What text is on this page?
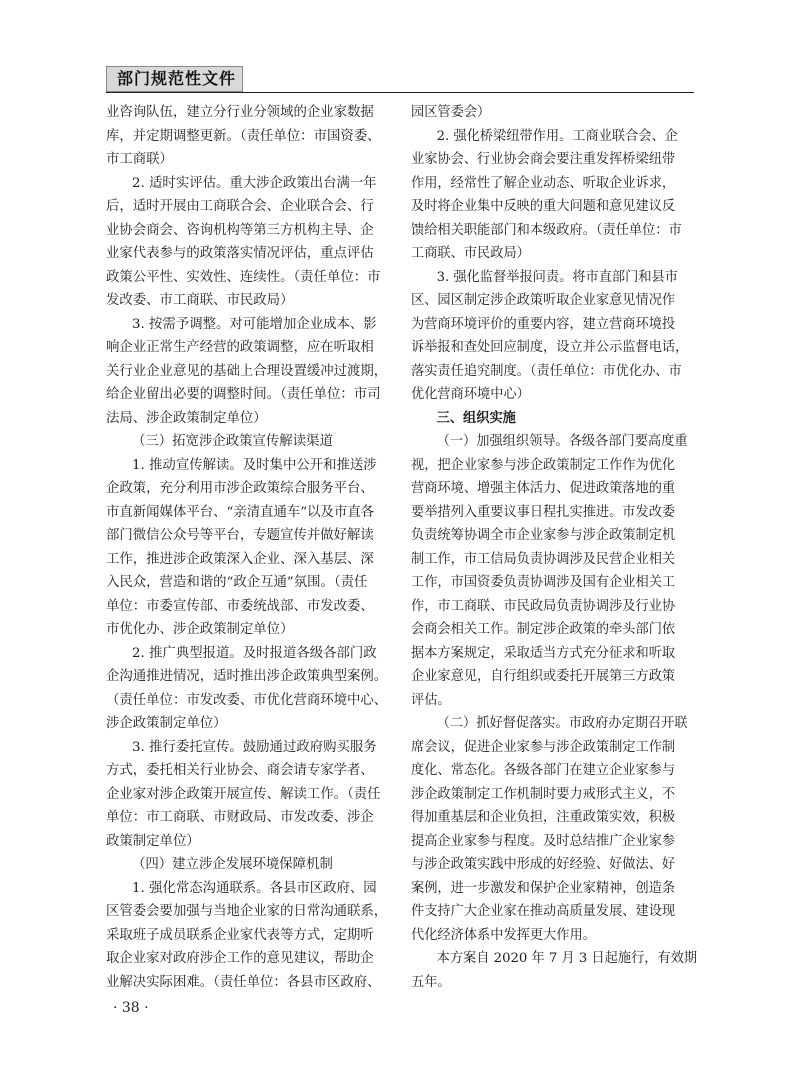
部门规范性文件
业咨询队伍，建立分行业分领域的企业家数据
库，并定期调整更新。（责任单位：市国资委、
市工商联）
2. 适时实评估。重大涉企政策出台满一年
后，适时开展由工商联合会、企业联合会、行
业协会商会、咨询机构等第三方机构主导、企
业家代表参与的政策落实情况评估，重点评估
政策公平性、实效性、连续性。（责任单位：市
发改委、市工商联、市民政局）
3. 按需予调整。对可能增加企业成本、影
响企业正常生产经营的政策调整，应在听取相
关行业企业意见的基础上合理设置缓冲过渡期，
给企业留出必要的调整时间。（责任单位：市司
法局、涉企政策制定单位）
（三）拓宽涉企政策宣传解读渠道
1. 推动宣传解读。及时集中公开和推送涉
企政策，充分利用市涉企政策综合服务平台、
市直新闻媒体平台、“亲清直通车”以及市直各
部门微信公众号等平台，专题宣传并做好解读
工作，推进涉企政策深入企业、深入基层、深
入民众，营造和谐的“政企互通”氛围。（责任
单位：市委宣传部、市委统战部、市发改委、
市优化办、涉企政策制定单位）
2. 推广典型报道。及时报道各级各部门政
企沟通推进情况，适时推出涉企政策典型案例。
（责任单位：市发改委、市优化营商环境中心、
涉企政策制定单位）
3. 推行委托宣传。鼓励通过政府购买服务
方式，委托相关行业协会、商会请专家学者、
企业家对涉企政策开展宣传、解读工作。（责任
单位：市工商联、市财政局、市发改委、涉企
政策制定单位）
（四）建立涉企发展环境保障机制
1. 强化常态沟通联系。各县市区政府、园
区管委会要加强与当地企业家的日常沟通联系，
采取班子成员联系企业家代表等方式，定期听
取企业家对政府涉企工作的意见建议，帮助企
业解决实际困难。（责任单位：各县市区政府、
园区管委会）
2. 强化桥梁纽带作用。工商业联合会、企
业家协会、行业协会商会要注重发挥桥梁纽带
作用，经常性了解企业动态、听取企业诉求，
及时将企业集中反映的重大问题和意见建议反
馈给相关职能部门和本级政府。（责任单位：市
工商联、市民政局）
3. 强化监督举报问责。将市直部门和县市
区、园区制定涉企政策听取企业家意见情况作
为营商环境评价的重要内容，建立营商环境投
诉举报和查处回应制度，设立并公示监督电话，
落实责任追究制度。（责任单位：市优化办、市
优化营商环境中心）
三、组织实施
（一）加强组织领导。各级各部门要高度重
视，把企业家参与涉企政策制定工作作为优化
营商环境、增强主体活力、促进政策落地的重
要举措列入重要议事日程扎实推进。市发改委
负责统筹协调全市企业家参与涉企政策制定机
制工作，市工信局负责协调涉及民营企业相关
工作，市国资委负责协调涉及国有企业相关工
作，市工商联、市民政局负责协调涉及行业协
会商会相关工作。制定涉企政策的牵头部门依
据本方案规定，采取适当方式充分征求和听取
企业家意见，自行组织或委托开展第三方政策
评估。
（二）抓好督促落实。市政府办定期召开联
席会议，促进企业家参与涉企政策制定工作制
度化、常态化。各级各部门在建立企业家参与
涉企政策制定工作机制时要力戒形式主义，不
得加重基层和企业负担，注重政策实效，积极
提高企业家参与程度。及时总结推广企业家参
与涉企政策实践中形成的好经验、好做法、好
案例，进一步激发和保护企业家精神，创造条
件支持广大企业家在推动高质量发展、建设现
代化经济体系中发挥更大作用。
本方案自 2020 年 7 月 3 日起施行，有效期
五年。
· 38 ·
